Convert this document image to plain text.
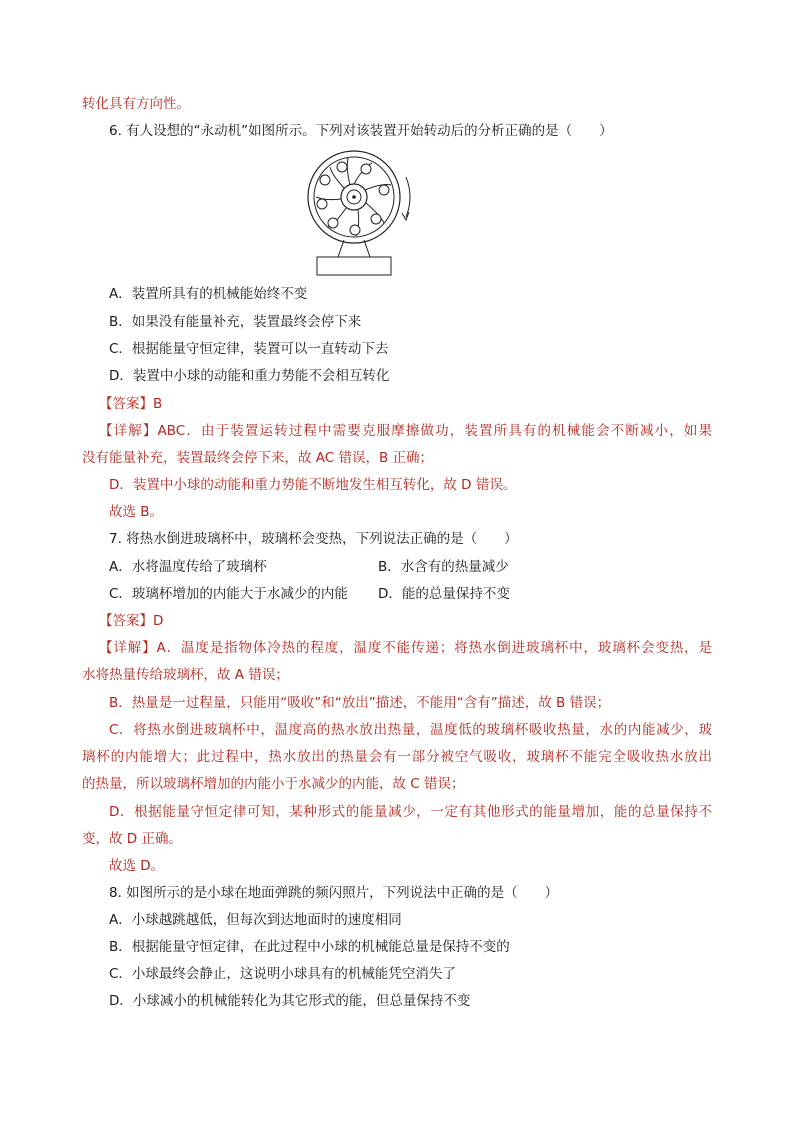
转化具有方向性。
6. 有人设想的“永动机”如图所示。下列对该装置开始转动后的分析正确的是（　　）
A．装置所具有的机械能始终不变
B．如果没有能量补充，装置最终会停下来
C．根据能量守恒定律，装置可以一直转动下去
D．装置中小球的动能和重力势能不会相互转化
【答案】B
【详解】ABC．由于装置运转过程中需要克服摩擦做功，装置所具有的机械能会不断减小，如果
没有能量补充，装置最终会停下来，故 AC 错误，B 正确；
D．装置中小球的动能和重力势能不断地发生相互转化，故 D 错误。
故选 B。
7. 将热水倒进玻璃杯中，玻璃杯会变热，下列说法正确的是（　　）
A．水将温度传给了玻璃杯	B．水含有的热量减少
C．玻璃杯增加的内能大于水减少的内能 D．能的总量保持不变
【答案】D
【详解】A．温度是指物体冷热的程度，温度不能传递；将热水倒进玻璃杯中，玻璃杯会变热，是
水将热量传给玻璃杯，故 A 错误；
B．热量是一过程量，只能用“吸收”和“放出”描述，不能用“含有”描述，故 B 错误；
C．将热水倒进玻璃杯中，温度高的热水放出热量，温度低的玻璃杯吸收热量，水的内能减少，玻
璃杯的内能增大；此过程中，热水放出的热量会有一部分被空气吸收，玻璃杯不能完全吸收热水放出
的热量，所以玻璃杯增加的内能小于水减少的内能，故 C 错误；
D．根据能量守恒定律可知，某种形式的能量减少，一定有其他形式的能量增加，能的总量保持不
变，故 D 正确。
故选 D。
8. 如图所示的是小球在地面弹跳的频闪照片，下列说法中正确的是（　　）
A．小球越跳越低，但每次到达地面时的速度相同
B．根据能量守恒定律，在此过程中小球的机械能总量是保持不变的
C．小球最终会静止，这说明小球具有的机械能凭空消失了
D．小球减小的机械能转化为其它形式的能，但总量保持不变
